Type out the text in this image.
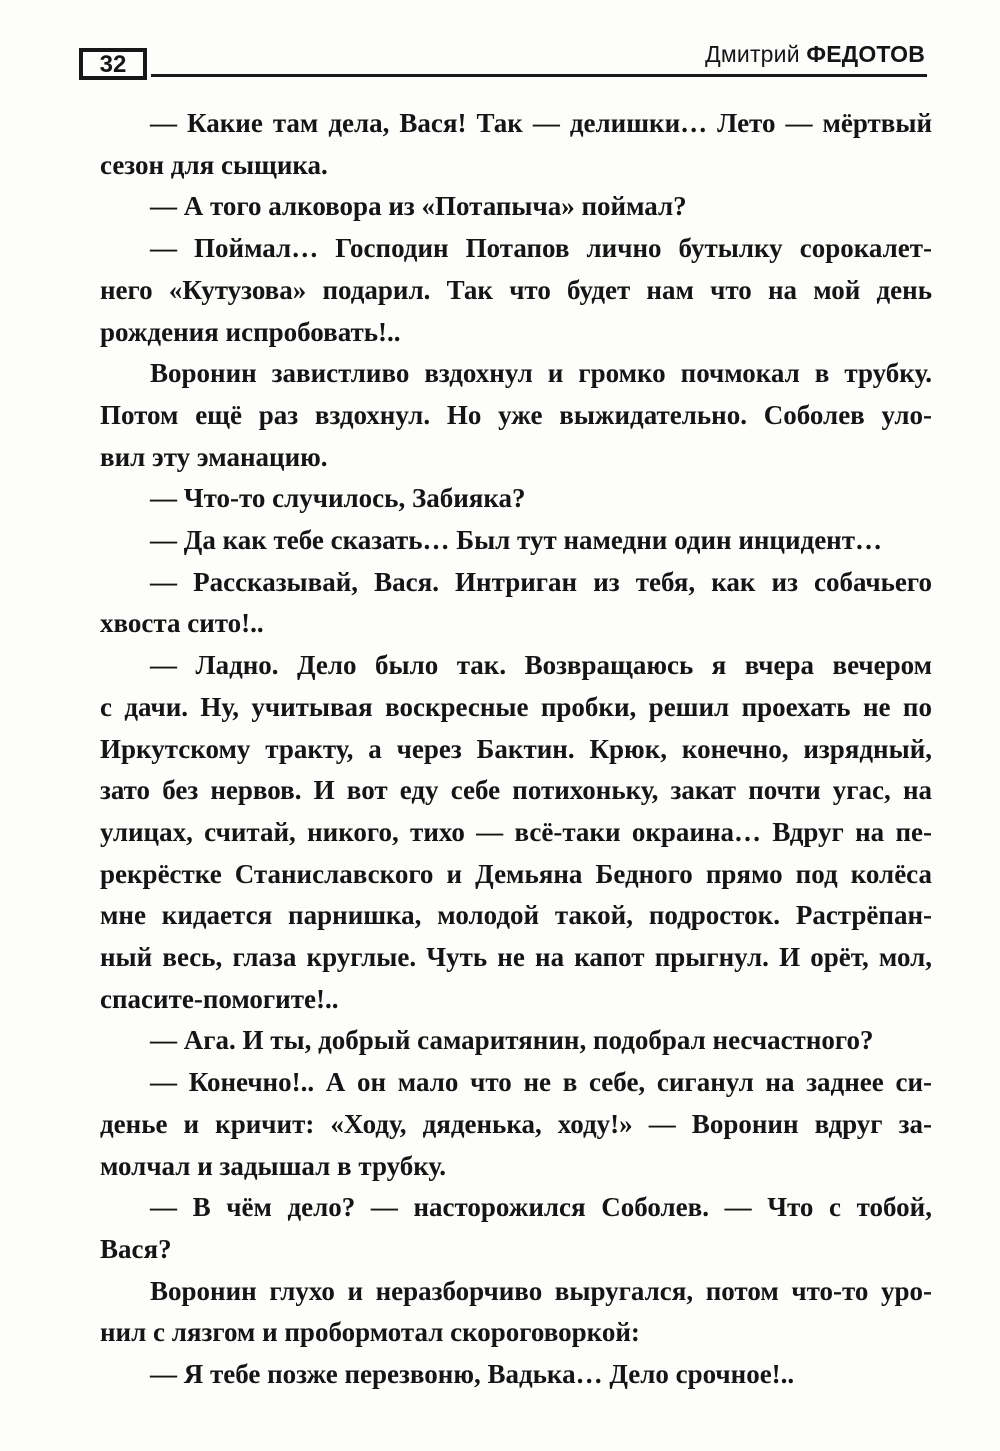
32	Дмитрий ФЕДОТОВ
— Какие там дела, Вася! Так — делишки… Лето — мёртвый
сезон для сыщика.
— А того алковора из «Потапыча» поймал?
— Поймал… Господин Потапов лично бутылку сорокалет-
него «Кутузова» подарил. Так что будет нам что на мой день
рождения испробовать!..
Воронин завистливо вздохнул и громко почмокал в трубку.
Потом ещё раз вздохнул. Но уже выжидательно. Соболев уло-
вил эту эманацию.
— Что-то случилось, Забияка?
— Да как тебе сказать… Был тут намедни один инцидент…
— Рассказывай, Вася. Интриган из тебя, как из собачьего
хвоста сито!..
— Ладно. Дело было так. Возвращаюсь я вчера вечером
с дачи. Ну, учитывая воскресные пробки, решил проехать не по
Иркутскому тракту, а через Бактин. Крюк, конечно, изрядный,
зато без нервов. И вот еду себе потихоньку, закат почти угас, на
улицах, считай, никого, тихо — всё-таки окраина… Вдруг на пе-
рекрёстке Станиславского и Демьяна Бедного прямо под колёса
мне кидается парнишка, молодой такой, подросток. Растрёпан-
ный весь, глаза круглые. Чуть не на капот прыгнул. И орёт, мол,
спасите-помогите!..
— Ага. И ты, добрый самаритянин, подобрал несчастного?
— Конечно!.. А он мало что не в себе, сиганул на заднее си-
денье и кричит: «Ходу, дяденька, ходу!» — Воронин вдруг за-
молчал и задышал в трубку.
— В чём дело? — насторожился Соболев. — Что с тобой,
Вася?
Воронин глухо и неразборчиво выругался, потом что-то уро-
нил с лязгом и пробормотал скороговоркой:
— Я тебе позже перезвоню, Вадька… Дело срочное!..
